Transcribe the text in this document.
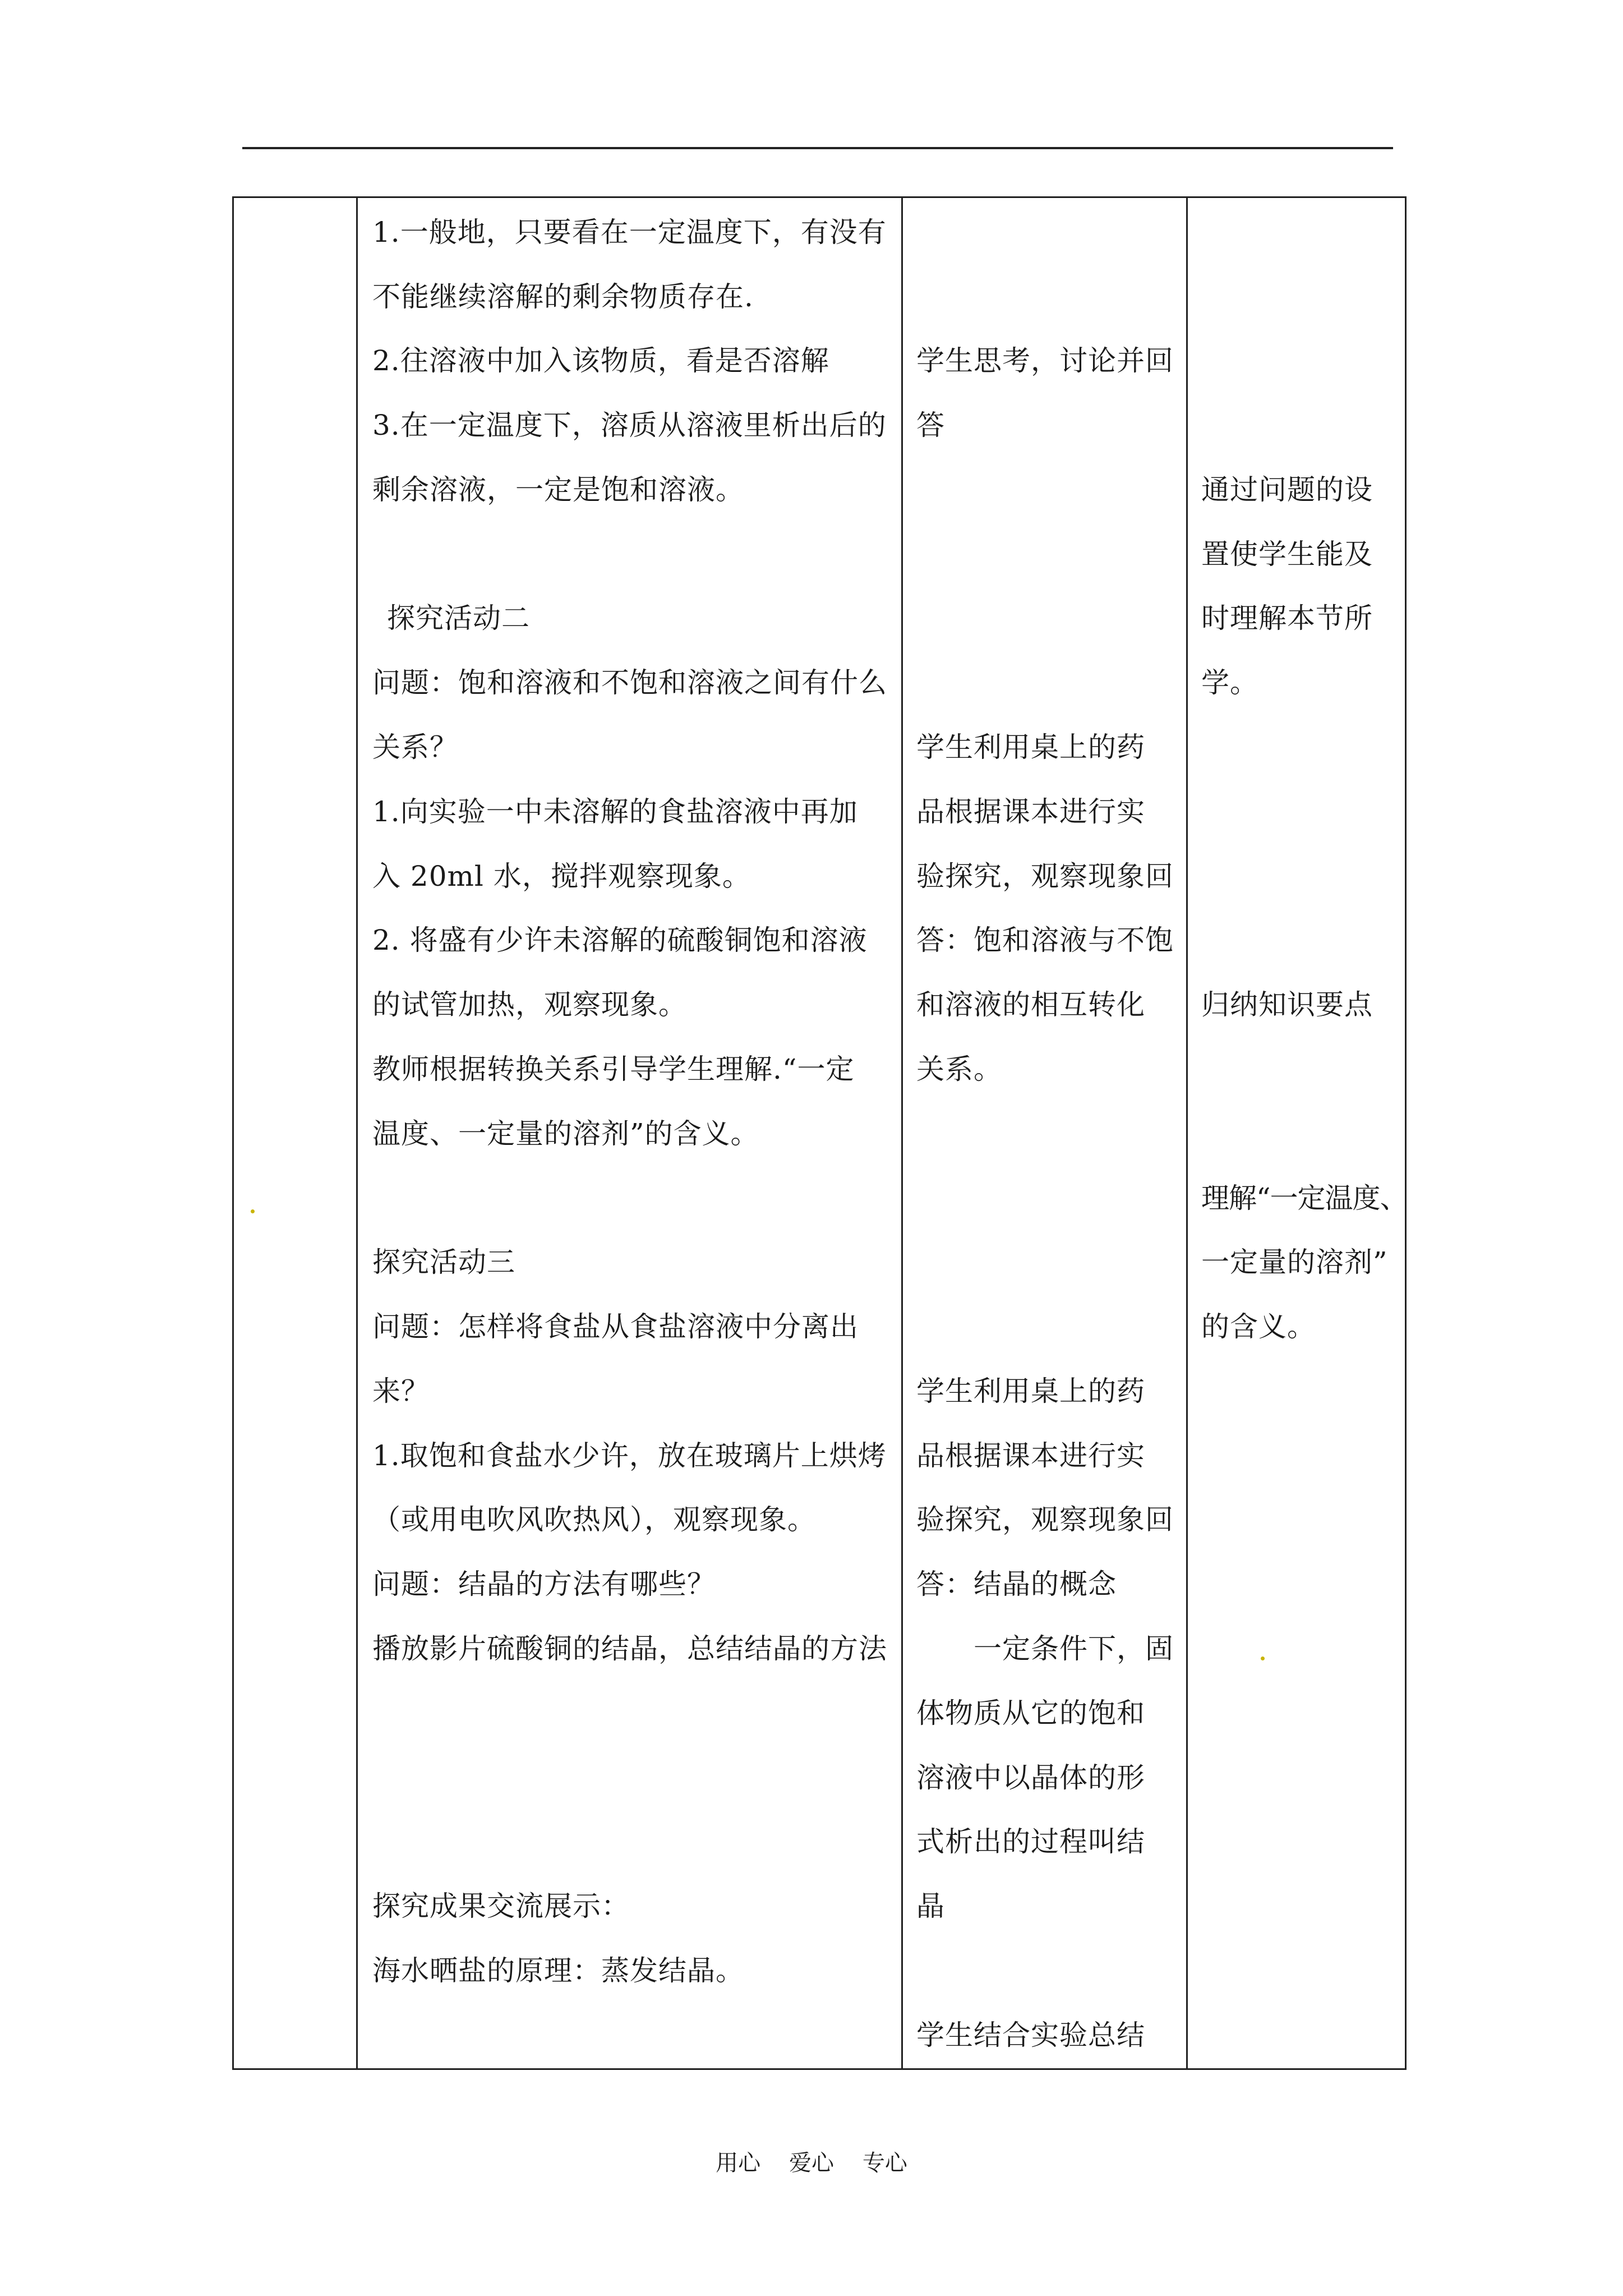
1.一般地，只要看在一定温度下，有没有
不能继续溶解的剩余物质存在.
2.往溶液中加入该物质，看是否溶解
3.在一定温度下，溶质从溶液里析出后的
剩余溶液，一定是饱和溶液。
探究活动二
问题：饱和溶液和不饱和溶液之间有什么
关系？
1.向实验一中未溶解的食盐溶液中再加
入 20ml 水，搅拌观察现象。
2. 将盛有少许未溶解的硫酸铜饱和溶液
的试管加热，观察现象。
教师根据转换关系引导学生理解.“一定
温度、一定量的溶剂”的含义。
探究活动三
问题：怎样将食盐从食盐溶液中分离出
来？
1.取饱和食盐水少许，放在玻璃片上烘烤
（或用电吹风吹热风），观察现象。
问题：结晶的方法有哪些？
播放影片硫酸铜的结晶，总结结晶的方法
探究成果交流展示：
海水晒盐的原理：蒸发结晶。
学生思考，讨论并回
答
学生利用桌上的药
品根据课本进行实
验探究，观察现象回
答：饱和溶液与不饱
和溶液的相互转化
关系。
学生利用桌上的药
品根据课本进行实
验探究，观察现象回
答：结晶的概念
一定条件下，固
体物质从它的饱和
溶液中以晶体的形
式析出的过程叫结
晶
学生结合实验总结
通过问题的设
置使学生能及
时理解本节所
学。
归纳知识要点
理解“一定温度、
一定量的溶剂”
的含义。
用心    爱心    专心
